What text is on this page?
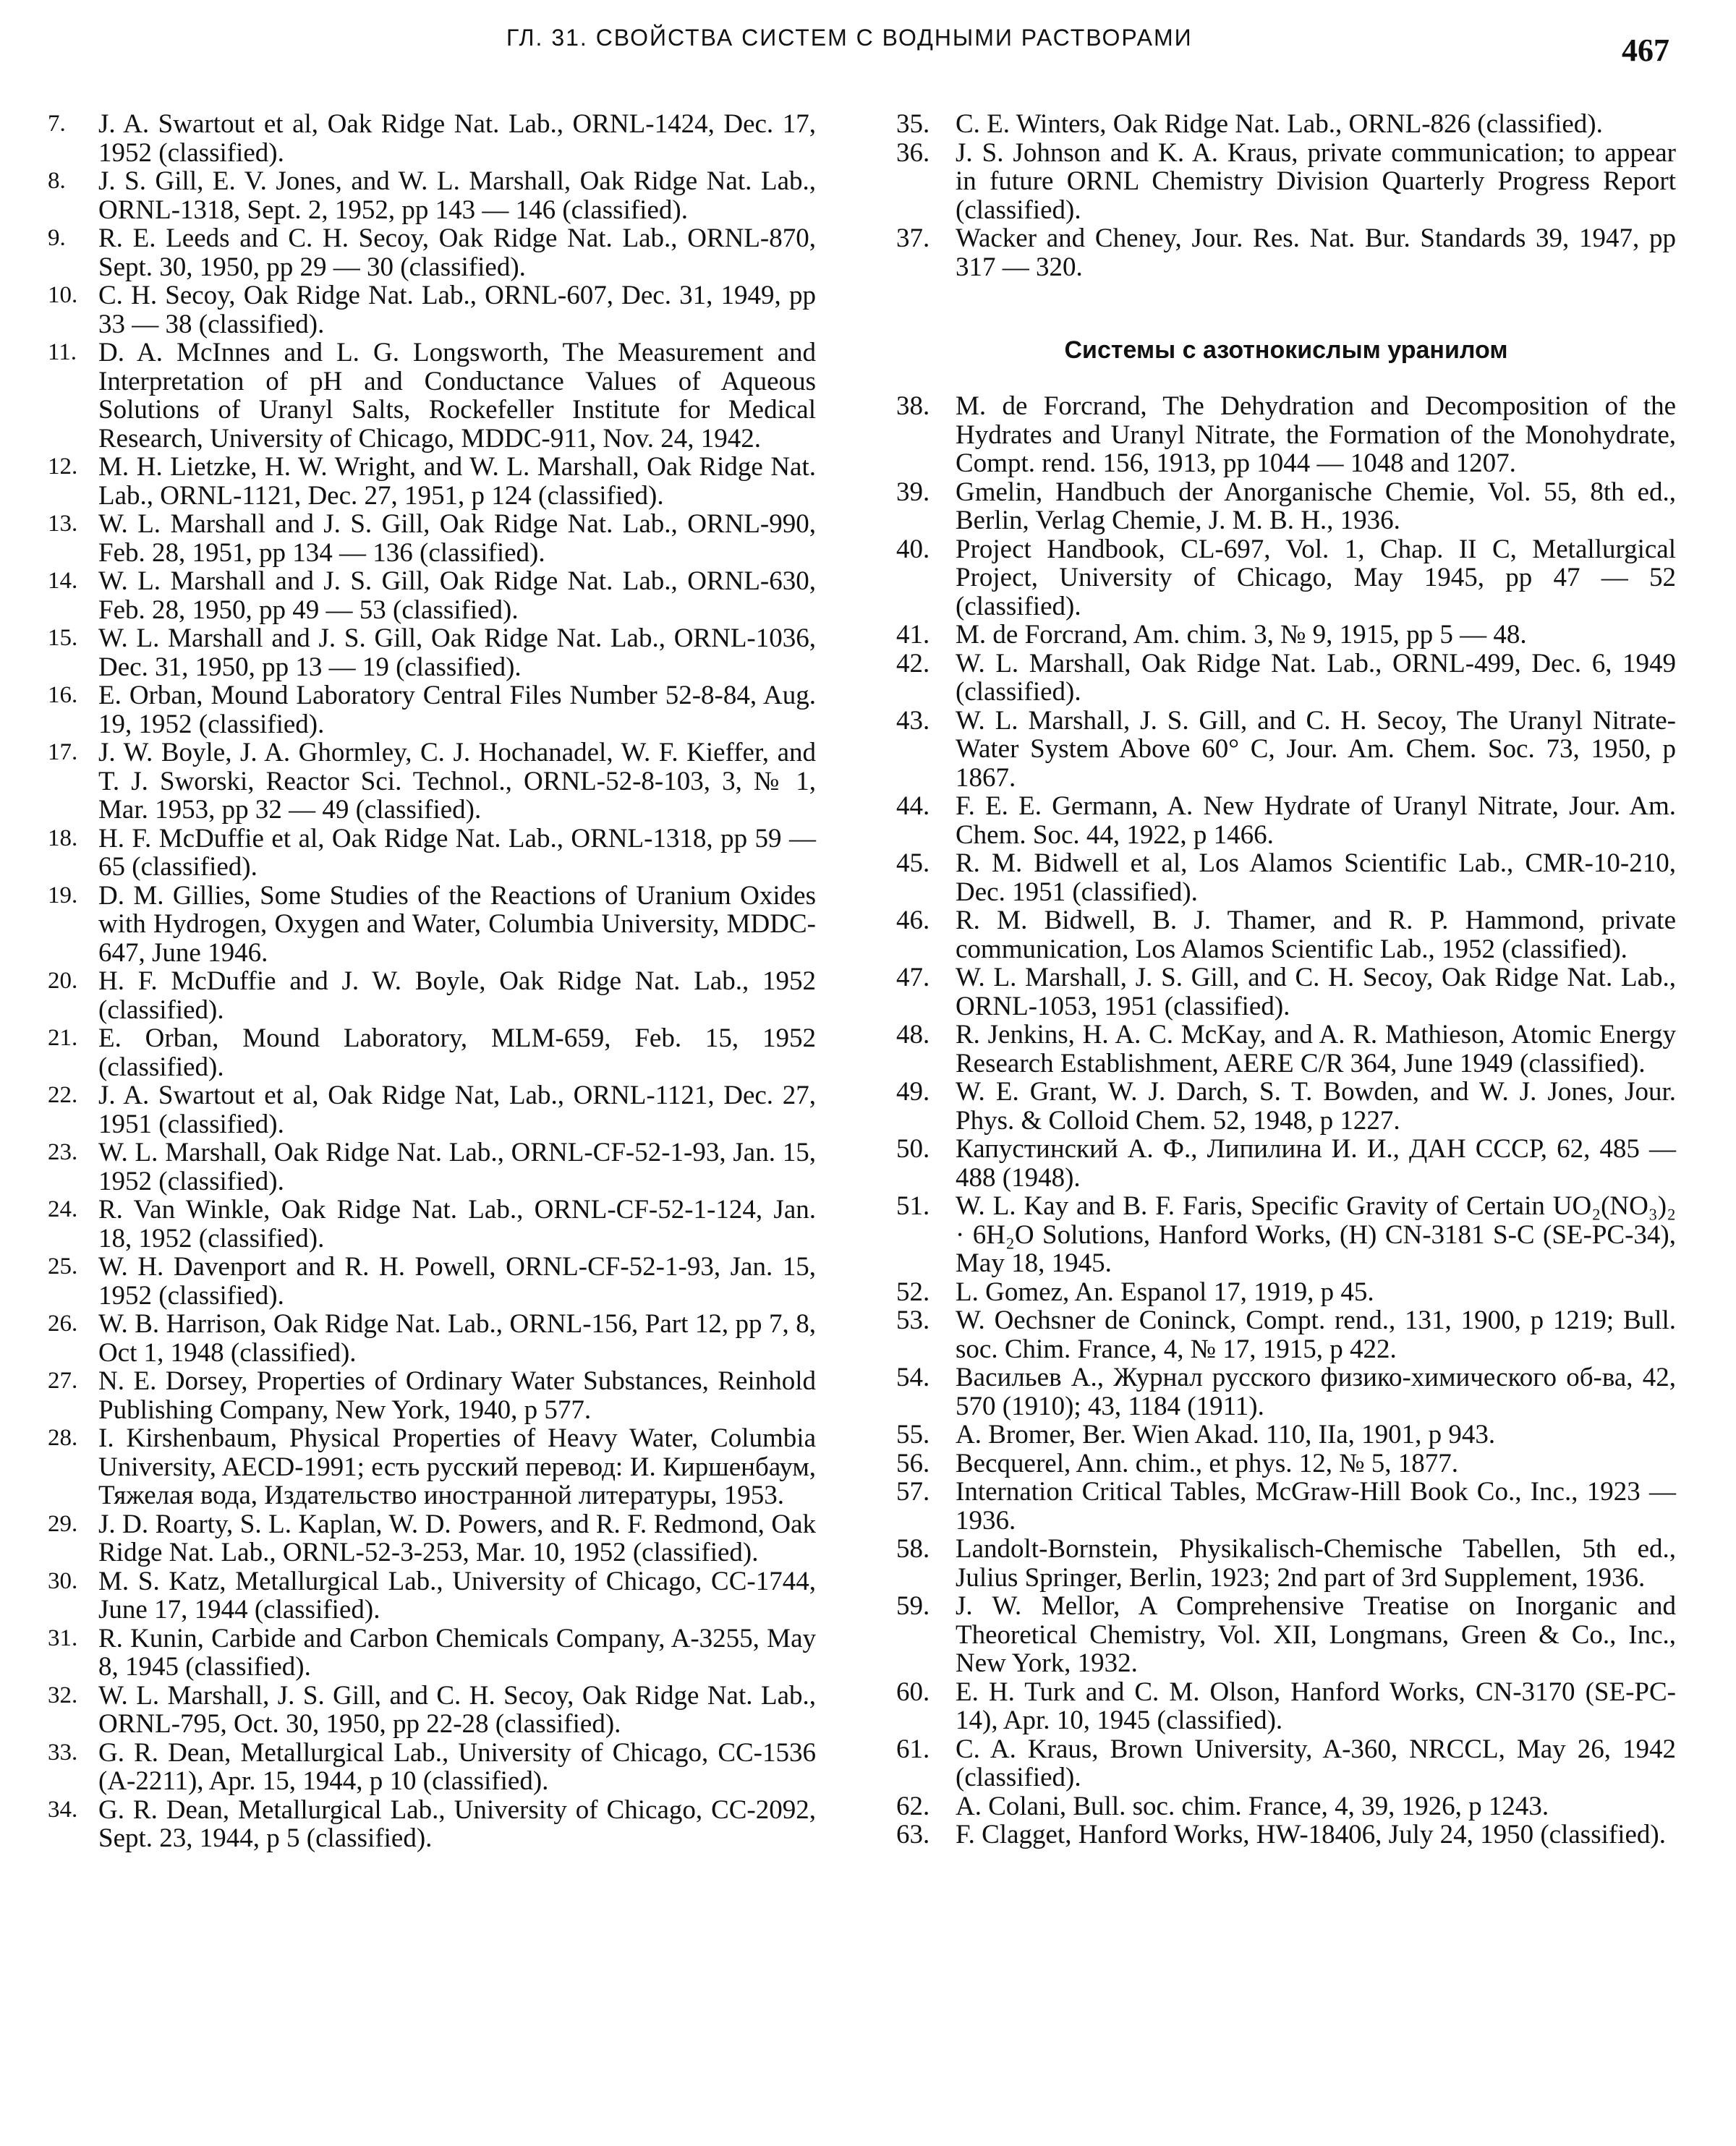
ГЛ. 31. СВОЙСТВА СИСТЕМ С ВОДНЫМИ РАСТВОРАМИ	467
7. J. A. Swartout et al, Oak Ridge Nat. Lab., ORNL-1424, Dec. 17, 1952 (classified).
8. J. S. Gill, E. V. Jones, and W. L. Marshall, Oak Ridge Nat. Lab., ORNL-1318, Sept. 2, 1952, pp 143 — 146 (classified).
9. R. E. Leeds and C. H. Secoy, Oak Ridge Nat. Lab., ORNL-870, Sept. 30, 1950, pp 29 — 30 (classified).
10. C. H. Secoy, Oak Ridge Nat. Lab., ORNL-607, Dec. 31, 1949, pp 33 — 38 (classified).
11. D. A. McInnes and L. G. Longsworth, The Measurement and Interpretation of pH and Conductance Values of Aqueous Solutions of Uranyl Salts, Rockefeller Institute for Medical Research, University of Chicago, MDDC-911, Nov. 24, 1942.
12. M. H. Lietzke, H. W. Wright, and W. L. Marshall, Oak Ridge Nat. Lab., ORNL-1121, Dec. 27, 1951, p 124 (classified).
13. W. L. Marshall and J. S. Gill, Oak Ridge Nat. Lab., ORNL-990, Feb. 28, 1951, pp 134 — 136 (classified).
14. W. L. Marshall and J. S. Gill, Oak Ridge Nat. Lab., ORNL-630, Feb. 28, 1950, pp 49 — 53 (classified).
15. W. L. Marshall and J. S. Gill, Oak Ridge Nat. Lab., ORNL-1036, Dec. 31, 1950, pp 13 — 19 (classified).
16. E. Orban, Mound Laboratory Central Files Number 52-8-84, Aug. 19, 1952 (classified).
17. J. W. Boyle, J. A. Ghormley, C. J. Hochanadel, W. F. Kieffer, and T. J. Sworski, Reactor Sci. Technol., ORNL-52-8-103, 3, № 1, Mar. 1953, pp 32 — 49 (classified).
18. H. F. McDuffie et al, Oak Ridge Nat. Lab., ORNL-1318, pp 59 — 65 (classified).
19. D. M. Gillies, Some Studies of the Reactions of Uranium Oxides with Hydrogen, Oxygen and Water, Columbia University, MDDC-647, June 1946.
20. H. F. McDuffie and J. W. Boyle, Oak Ridge Nat. Lab., 1952 (classified).
21. E. Orban, Mound Laboratory, MLM-659, Feb. 15, 1952 (classified).
22. J. A. Swartout et al, Oak Ridge Nat, Lab., ORNL-1121, Dec. 27, 1951 (classified).
23. W. L. Marshall, Oak Ridge Nat. Lab., ORNL-CF-52-1-93, Jan. 15, 1952 (classified).
24. R. Van Winkle, Oak Ridge Nat. Lab., ORNL-CF-52-1-124, Jan. 18, 1952 (classified).
25. W. H. Davenport and R. H. Powell, ORNL-CF-52-1-93, Jan. 15, 1952 (classified).
26. W. B. Harrison, Oak Ridge Nat. Lab., ORNL-156, Part 12, pp 7, 8, Oct 1, 1948 (classified).
27. N. E. Dorsey, Properties of Ordinary Water Substances, Reinhold Publishing Company, New York, 1940, p 577.
28. I. Kirshenbaum, Physical Properties of Heavy Water, Columbia University, AECD-1991; есть русский перевод: И. Киршенбаум, Тяжелая вода, Издательство иностранной литературы, 1953.
29. J. D. Roarty, S. L. Kaplan, W. D. Powers, and R. F. Redmond, Oak Ridge Nat. Lab., ORNL-52-3-253, Mar. 10, 1952 (classified).
30. M. S. Katz, Metallurgical Lab., University of Chicago, CC-1744, June 17, 1944 (classified).
31. R. Kunin, Carbide and Carbon Chemicals Company, A-3255, May 8, 1945 (classified).
32. W. L. Marshall, J. S. Gill, and C. H. Secoy, Oak Ridge Nat. Lab., ORNL-795, Oct. 30, 1950, pp 22-28 (classified).
33. G. R. Dean, Metallurgical Lab., University of Chicago, CC-1536 (A-2211), Apr. 15, 1944, p 10 (classified).
34. G. R. Dean, Metallurgical Lab., University of Chicago, CC-2092, Sept. 23, 1944, p 5 (classified).
35. C. E. Winters, Oak Ridge Nat. Lab., ORNL-826 (classified).
36. J. S. Johnson and K. A. Kraus, private communication; to appear in future ORNL Chemistry Division Quarterly Progress Report (classified).
37. Wacker and Cheney, Jour. Res. Nat. Bur. Standards 39, 1947, pp 317 — 320.
Системы с азотнокислым уранилом
38. M. de Forcrand, The Dehydration and Decomposition of the Hydrates and Uranyl Nitrate, the Formation of the Monohydrate, Compt. rend. 156, 1913, pp 1044 — 1048 and 1207.
39. Gmelin, Handbuch der Anorganische Chemie, Vol. 55, 8th ed., Berlin, Verlag Chemie, J. M. B. H., 1936.
40. Project Handbook, CL-697, Vol. 1, Chap. II C, Metallurgical Project, University of Chicago, May 1945, pp 47 — 52 (classified).
41. M. de Forcrand, Am. chim. 3, № 9, 1915, pp 5 — 48.
42. W. L. Marshall, Oak Ridge Nat. Lab., ORNL-499, Dec. 6, 1949 (classified).
43. W. L. Marshall, J. S. Gill, and C. H. Secoy, The Uranyl Nitrate-Water System Above 60° C, Jour. Am. Chem. Soc. 73, 1950, p 1867.
44. F. E. E. Germann, A. New Hydrate of Uranyl Nitrate, Jour. Am. Chem. Soc. 44, 1922, p 1466.
45. R. M. Bidwell et al, Los Alamos Scientific Lab., CMR-10-210, Dec. 1951 (classified).
46. R. M. Bidwell, B. J. Thamer, and R. P. Hammond, private communication, Los Alamos Scientific Lab., 1952 (classified).
47. W. L. Marshall, J. S. Gill, and C. H. Secoy, Oak Ridge Nat. Lab., ORNL-1053, 1951 (classified).
48. R. Jenkins, H. A. C. McKay, and A. R. Mathieson, Atomic Energy Research Establishment, AERE C/R 364, June 1949 (classified).
49. W. E. Grant, W. J. Darch, S. T. Bowden, and W. J. Jones, Jour. Phys. & Colloid Chem. 52, 1948, p 1227.
50. Капустинский А. Ф., Липилина И. И., ДАН СССР, 62, 485 — 488 (1948).
51. W. L. Kay and B. F. Faris, Specific Gravity of Certain UO₂(NO₃)₂ · 6H₂O Solutions, Hanford Works, (H) CN-3181 S-C (SE-PC-34), May 18, 1945.
52. L. Gomez, An. Espanol 17, 1919, p 45.
53. W. Oechsner de Coninck, Compt. rend., 131, 1900, p 1219; Bull. soc. Chim. France, 4, № 17, 1915, p 422.
54. Васильев А., Журнал русского физико-химического об-ва, 42, 570 (1910); 43, 1184 (1911).
55. A. Bromer, Ber. Wien Akad. 110, IIa, 1901, p 943.
56. Becquerel, Ann. chim., et phys. 12, № 5, 1877.
57. Internation Critical Tables, McGraw-Hill Book Co., Inc., 1923 — 1936.
58. Landolt-Bornstein, Physikalisch-Chemische Tabellen, 5th ed., Julius Springer, Berlin, 1923; 2nd part of 3rd Supplement, 1936.
59. J. W. Mellor, A Comprehensive Treatise on Inorganic and Theoretical Chemistry, Vol. XII, Longmans, Green & Co., Inc., New York, 1932.
60. E. H. Turk and C. M. Olson, Hanford Works, CN-3170 (SE-PC-14), Apr. 10, 1945 (classified).
61. C. A. Kraus, Brown University, A-360, NRCCL, May 26, 1942 (classified).
62. A. Colani, Bull. soc. chim. France, 4, 39, 1926, p 1243.
63. F. Clagget, Hanford Works, HW-18406, July 24, 1950 (classified).
